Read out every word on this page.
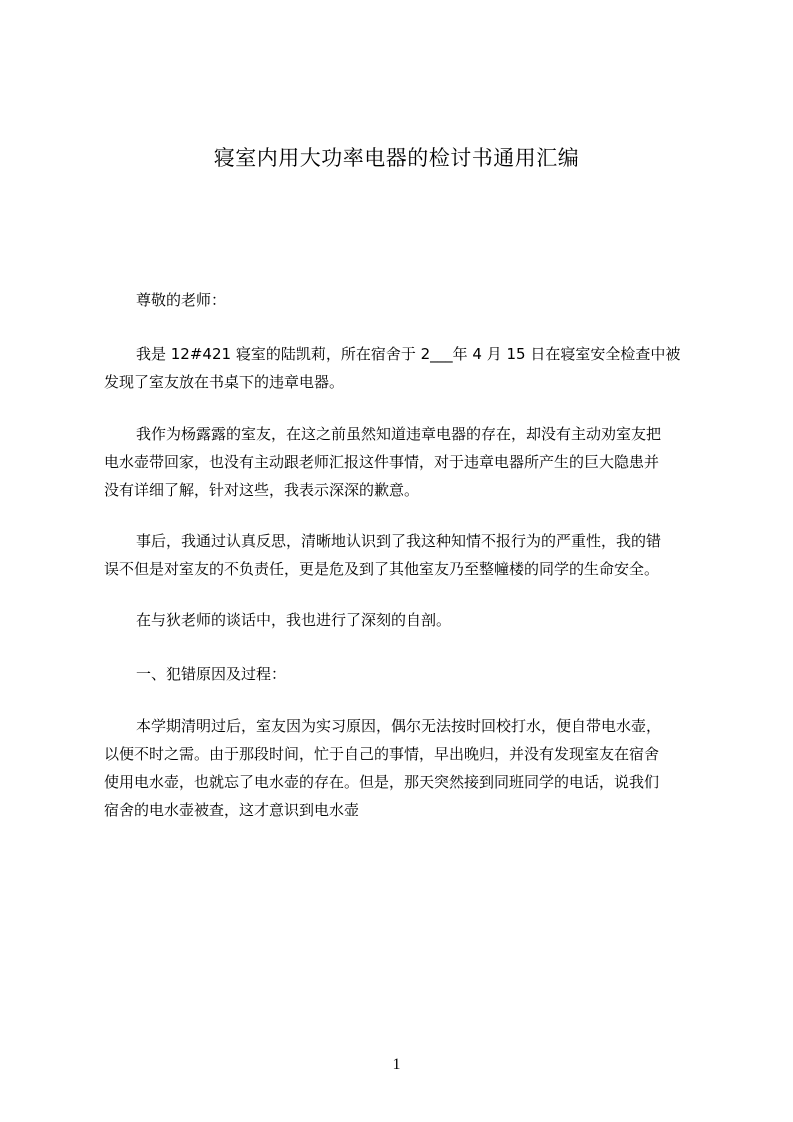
寝室内用大功率电器的检讨书通用汇编
尊敬的老师：
我是 12#421 寝室的陆凯莉，所在宿舍于 2___年 4 月 15 日在寝室安全检查中被
发现了室友放在书桌下的违章电器。
我作为杨露露的室友，在这之前虽然知道违章电器的存在，却没有主动劝室友把
电水壶带回家，也没有主动跟老师汇报这件事情，对于违章电器所产生的巨大隐患并
没有详细了解，针对这些，我表示深深的歉意。
事后，我通过认真反思，清晰地认识到了我这种知情不报行为的严重性，我的错
误不但是对室友的不负责任，更是危及到了其他室友乃至整幢楼的同学的生命安全。
在与狄老师的谈话中，我也进行了深刻的自剖。
一、犯错原因及过程：
本学期清明过后，室友因为实习原因，偶尔无法按时回校打水，便自带电水壶，
以便不时之需。由于那段时间，忙于自己的事情，早出晚归，并没有发现室友在宿舍
使用电水壶，也就忘了电水壶的存在。但是，那天突然接到同班同学的电话，说我们
宿舍的电水壶被查，这才意识到电水壶
1
